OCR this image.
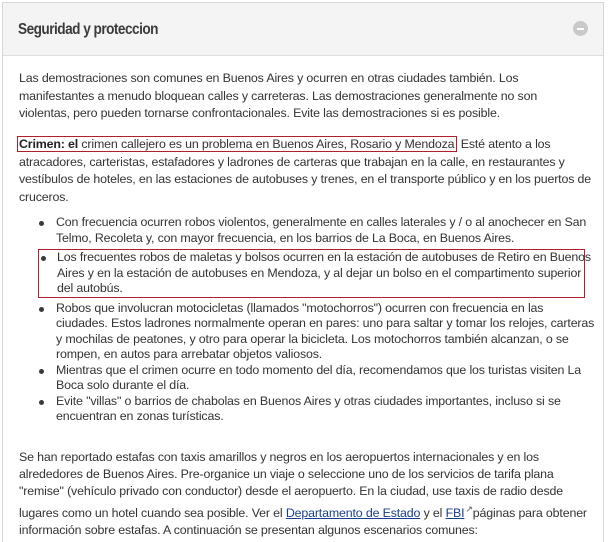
Seguridad y proteccion

Las demostraciones son comunes en Buenos Aires y ocurren en otras ciudades también. Los
manifestantes a menudo bloquean calles y carreteras. Las demostraciones generalmente no son
violentas, pero pueden tornarse confrontacionales. Evite las demostraciones si es posible.

Crimen: el crimen callejero es un problema en Buenos Aires, Rosario y Mendoza Esté atento a los
atracadores, carteristas, estafadores y ladrones de carteras que trabajan en la calle, en restaurantes y
vestíbulos de hoteles, en las estaciones de autobuses y trenes, en el transporte público y en los puertos de
cruceros.

Con frecuencia ocurren robos violentos, generalmente en calles laterales y / o al anochecer en San
Telmo, Recoleta y, con mayor frecuencia, en los barrios de La Boca, en Buenos Aires.
Los frecuentes robos de maletas y bolsos ocurren en la estación de autobuses de Retiro en Buenos
Aires y en la estación de autobuses en Mendoza, y al dejar un bolso en el compartimento superior
del autobús.
Robos que involucran motocicletas (llamados "motochorros") ocurren con frecuencia en las
ciudades. Estos ladrones normalmente operan en pares: uno para saltar y tomar los relojes, carteras
y mochilas de peatones, y otro para operar la bicicleta. Los motochorros también alcanzan, o se
rompen, en autos para arrebatar objetos valiosos.
Mientras que el crimen ocurre en todo momento del día, recomendamos que los turistas visiten La
Boca solo durante el día.
Evite "villas" o barrios de chabolas en Buenos Aires y otras ciudades importantes, incluso si se
encuentran en zonas turísticas.

Se han reportado estafas con taxis amarillos y negros en los aeropuertos internacionales y en los
alrededores de Buenos Aires. Pre-organice un viaje o seleccione uno de los servicios de tarifa plana
"remise" (vehículo privado con conductor) desde el aeropuerto. En la ciudad, use taxis de radio desde
lugares como un hotel cuando sea posible. Ver el Departamento de Estado y el FBI↗páginas para obtener
información sobre estafas. A continuación se presentan algunos escenarios comunes:
